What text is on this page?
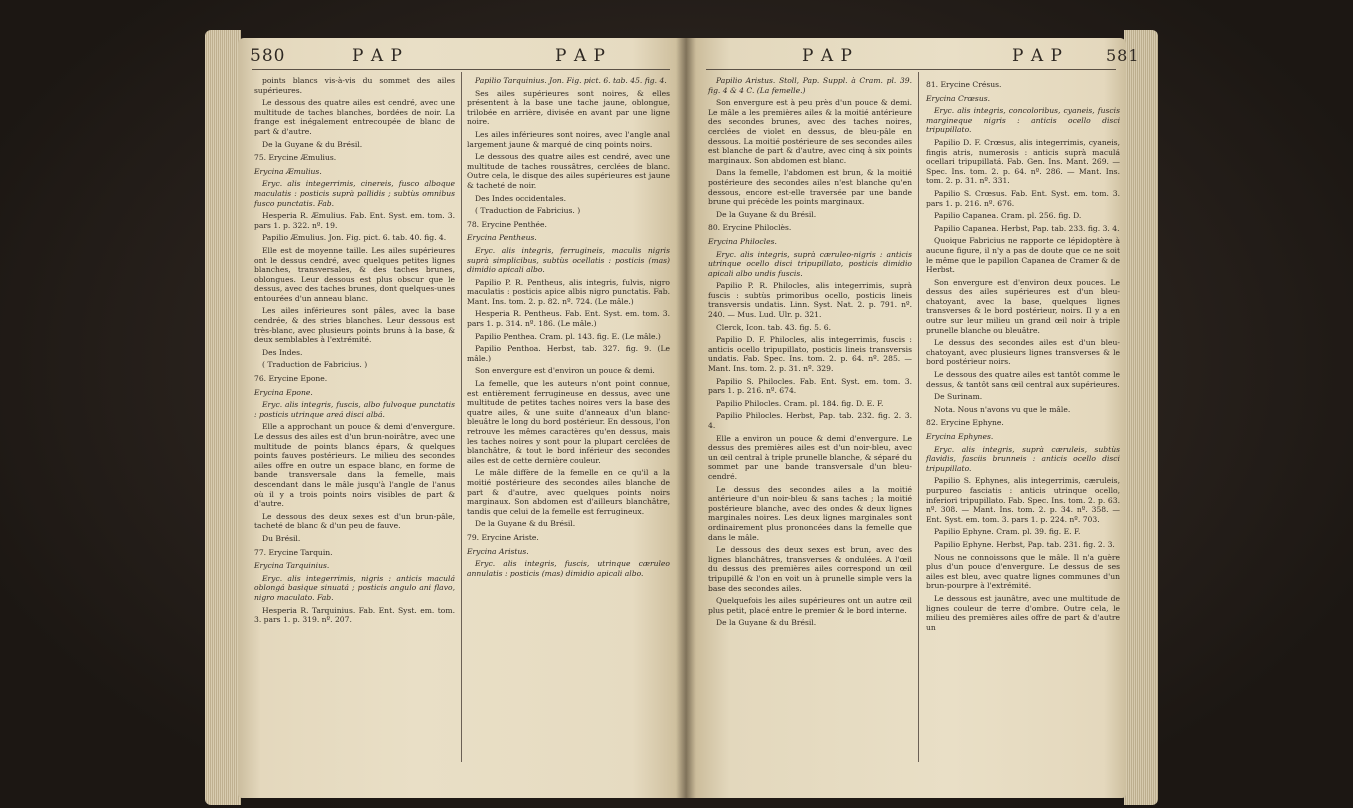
580	P A P	P A P

points blancs vis-à-vis du sommet des ailes supérieures.

Le dessous des quatre ailes est cendré, avec une multitude de taches blanches, bordées de noir. La frange est inégalement entrecoupée de blanc de part & d'autre.

De la Guyane & du Brésil.

75. Erycine Æmulius.

Erycina Æmulius.

Eryc. alis integerrimis, cinereis, fusco alboque maculatis : posticis suprà pallidis ; subtùs omnibus fusco punctatis. Fab.

Hesperia R. Æmulius. Fab. Ent. Syst. em. tom. 3. pars 1. p. 322. nº. 19.

Papilio Æmulius. Jon. Fig. pict. 6. tab. 40. fig. 4.

Elle est de moyenne taille. Les ailes supérieures ont le dessus cendré, avec quelques petites lignes blanches, transversales, & des taches brunes, oblongues. Leur dessous est plus obscur que le dessus, avec des taches brunes, dont quelques-unes entourées d'un anneau blanc.

Les ailes inférieures sont pâles, avec la base cendrée, & des stries blanches. Leur dessous est très-blanc, avec plusieurs points bruns à la base, & deux semblables à l'extrémité.

Des Indes.

( Traduction de Fabricius. )

76. Erycine Epone.

Erycina Epone.

Eryc. alis integris, fuscis, albo fulvoque punctatis : posticis utrinque areá disci albá.

Elle a approchant un pouce & demi d'envergure. Le dessus des ailes est d'un brun-noirâtre, avec une multitude de points blancs épars, & quelques points fauves postérieurs. Le milieu des secondes ailes offre en outre un espace blanc, en forme de bande transversale dans la femelle, mais descendant dans le mâle jusqu'à l'angle de l'anus où il y a trois points noirs visibles de part & d'autre.

Le dessous des deux sexes est d'un brun-pâle, tacheté de blanc & d'un peu de fauve.

Du Brésil.

77. Erycine Tarquin.

Erycina Tarquinius.

Eryc. alis integerrimis, nigris : anticis maculá oblongá basique sinuatá ; posticis angulo ani flavo, nigro maculato. Fab.

Hesperia R. Tarquinius. Fab. Ent. Syst. em. tom. 3. pars 1. p. 319. nº. 207.

Papilio Tarquinius. Jon. Fig. pict. 6. tab. 45. fig. 4.

Ses ailes supérieures sont noires, & elles présentent à la base une tache jaune, oblongue, trilobée en arrière, divisée en avant par une ligne noire.

Les ailes inférieures sont noires, avec l'angle anal largement jaune & marqué de cinq points noirs.

Le dessous des quatre ailes est cendré, avec une multitude de taches roussâtres, cerclées de blanc. Outre cela, le disque des ailes supérieures est jaune & tacheté de noir.

Des Indes occidentales.

( Traduction de Fabricius. )

78. Erycine Penthée.

Erycina Pentheus.

Eryc. alis integris, ferrugineis, maculis nigris suprà simplicibus, subtùs ocellatis : posticis (mas) dimidio apicali albo.

Papilio P. R. Pentheus, alis integris, fulvis, nigro maculatis : posticis apice albis nigro punctatis. Fab. Mant. Ins. tom. 2. p. 82. nº. 724. (Le mâle.)

Hesperia R. Pentheus. Fab. Ent. Syst. em. tom. 3. pars 1. p. 314. nº. 186. (Le mâle.)

Papilio Penthea. Cram. pl. 143. fig. E. (Le mâle.)

Papilio Penthoa. Herbst, tab. 327. fig. 9. (Le mâle.)

Son envergure est d'environ un pouce & demi.

La femelle, que les auteurs n'ont point connue, est entièrement ferrugineuse en dessus, avec une multitude de petites taches noires vers la base des quatre ailes, & une suite d'anneaux d'un blanc-bleuâtre le long du bord postérieur. En dessous, l'on retrouve les mêmes caractères qu'en dessus, mais les taches noires y sont pour la plupart cerclées de blanchâtre, & tout le bord inférieur des secondes ailes est de cette dernière couleur.

Le mâle diffère de la femelle en ce qu'il a la moitié postérieure des secondes ailes blanche de part & d'autre, avec quelques points noirs marginaux. Son abdomen est d'ailleurs blanchâtre, tandis que celui de la femelle est ferrugineux.

De la Guyane & du Brésil.

79. Erycine Ariste.

Erycina Aristus.

Eryc. alis integris, fuscis, utrinque cæruleo annulatis : posticis (mas) dimidio apicali albo.

P A P	P A P	581

Papilio Aristus. Stoll, Pap. Suppl. à Cram. pl. 39. fig. 4 & 4 C. (La femelle.)

Son envergure est à peu près d'un pouce & demi. Le mâle a les premières ailes & la moitié antérieure des secondes brunes, avec des taches noires, cerclées de violet en dessus, de bleu-pâle en dessous. La moitié postérieure de ses secondes ailes est blanche de part & d'autre, avec cinq à six points marginaux. Son abdomen est blanc.

Dans la femelle, l'abdomen est brun, & la moitié postérieure des secondes ailes n'est blanche qu'en dessous, encore est-elle traversée par une bande brune qui précède les points marginaux.

De la Guyane & du Brésil.

80. Erycine Philoclès.

Erycina Philocles.

Eryc. alis integris, suprà cæruleo-nigris : anticis utrinque ocello disci tripupillato, posticis dimidio apicali albo undis fuscis.

Papilio P. R. Philocles, alis integerrimis, suprà fuscis : subtùs primoribus ocello, posticis lineis transversis undatis. Linn. Syst. Nat. 2. p. 791. nº. 240. — Mus. Lud. Ulr. p. 321.

Clerck, Icon. tab. 43. fig. 5. 6.

Papilio D. F. Philocles, alis integerrimis, fuscis : anticis ocello tripupillato, posticis lineis transversis undatis. Fab. Spec. Ins. tom. 2. p. 64. nº. 285. — Mant. Ins. tom. 2. p. 31. nº. 329.

Papilio S. Philocles. Fab. Ent. Syst. em. tom. 3. pars 1. p. 216. nº. 674.

Papilio Philocles. Cram. pl. 184. fig. D. E. F.

Papilio Philocles. Herbst, Pap. tab. 232. fig. 2. 3. 4.

Elle a environ un pouce & demi d'envergure. Le dessus des premières ailes est d'un noir-bleu, avec un œil central à triple prunelle blanche, & séparé du sommet par une bande transversale d'un bleu-cendré.

Le dessus des secondes ailes a la moitié antérieure d'un noir-bleu & sans taches ; la moitié postérieure blanche, avec des ondes & deux lignes marginales noires. Les deux lignes marginales sont ordinairement plus prononcées dans la femelle que dans le mâle.

Le dessous des deux sexes est brun, avec des lignes blanchâtres, transverses & ondulées. A l'œil du dessus des premières ailes correspond un œil tripupillé & l'on en voit un à prunelle simple vers la base des secondes ailes.

Quelquefois les ailes supérieures ont un autre œil plus petit, placé entre le premier & le bord interne.

De la Guyane & du Brésil.

81. Erycine Crésus.

Erycina Crœsus.

Eryc. alis integris, concoloribus, cyaneis, fuscis margineque nigris : anticis ocello disci tripupillato.

Papilio D. F. Crœsus, alis integerrimis, cyaneis, fingis atris, numerosis : anticis suprà maculá ocellari tripupillatá. Fab. Gen. Ins. Mant. 269. — Spec. Ins. tom. 2. p. 64. nº. 286. — Mant. Ins. tom. 2. p. 31. nº. 331.

Papilio S. Crœsus. Fab. Ent. Syst. em. tom. 3. pars 1. p. 216. nº. 676.

Papilio Capanea. Cram. pl. 256. fig. D.

Papilio Capanea. Herbst, Pap. tab. 233. fig. 3. 4.

Quoique Fabricius ne rapporte ce lépidoptère à aucune figure, il n'y a pas de doute que ce ne soit le même que le papillon Capanea de Cramer & de Herbst.

Son envergure est d'environ deux pouces. Le dessus des ailes supérieures est d'un bleu-chatoyant, avec la base, quelques lignes transverses & le bord postérieur, noirs. Il y a en outre sur leur milieu un grand œil noir à triple prunelle blanche ou bleuâtre.

Le dessus des secondes ailes est d'un bleu-chatoyant, avec plusieurs lignes transverses & le bord postérieur noirs.

Le dessous des quatre ailes est tantôt comme le dessus, & tantôt sans œil central aux supérieures.

De Surinam.

Nota. Nous n'avons vu que le mâle.

82. Erycine Ephyne.

Erycina Ephynes.

Eryc. alis integris, suprà cæruleis, subtùs flavidis, fasciis brunneis : anticis ocello disci tripupillato.

Papilio S. Ephynes, alis integerrimis, cæruleis, purpureo fasciatis : anticis utrinque ocello, inferiori tripupillato. Fab. Spec. Ins. tom. 2. p. 63. nº. 308. — Mant. Ins. tom. 2. p. 34. nº. 358. — Ent. Syst. em. tom. 3. pars 1. p. 224. nº. 703.

Papilio Ephyne. Cram. pl. 39. fig. E. F.

Papilio Ephyne. Herbst, Pap. tab. 231. fig. 2. 3.

Nous ne connoissons que le mâle. Il n'a guère plus d'un pouce d'envergure. Le dessus de ses ailes est bleu, avec quatre lignes communes d'un brun-pourpre à l'extrémité.

Le dessous est jaunâtre, avec une multitude de lignes couleur de terre d'ombre. Outre cela, le milieu des premières ailes offre de part & d'autre un
